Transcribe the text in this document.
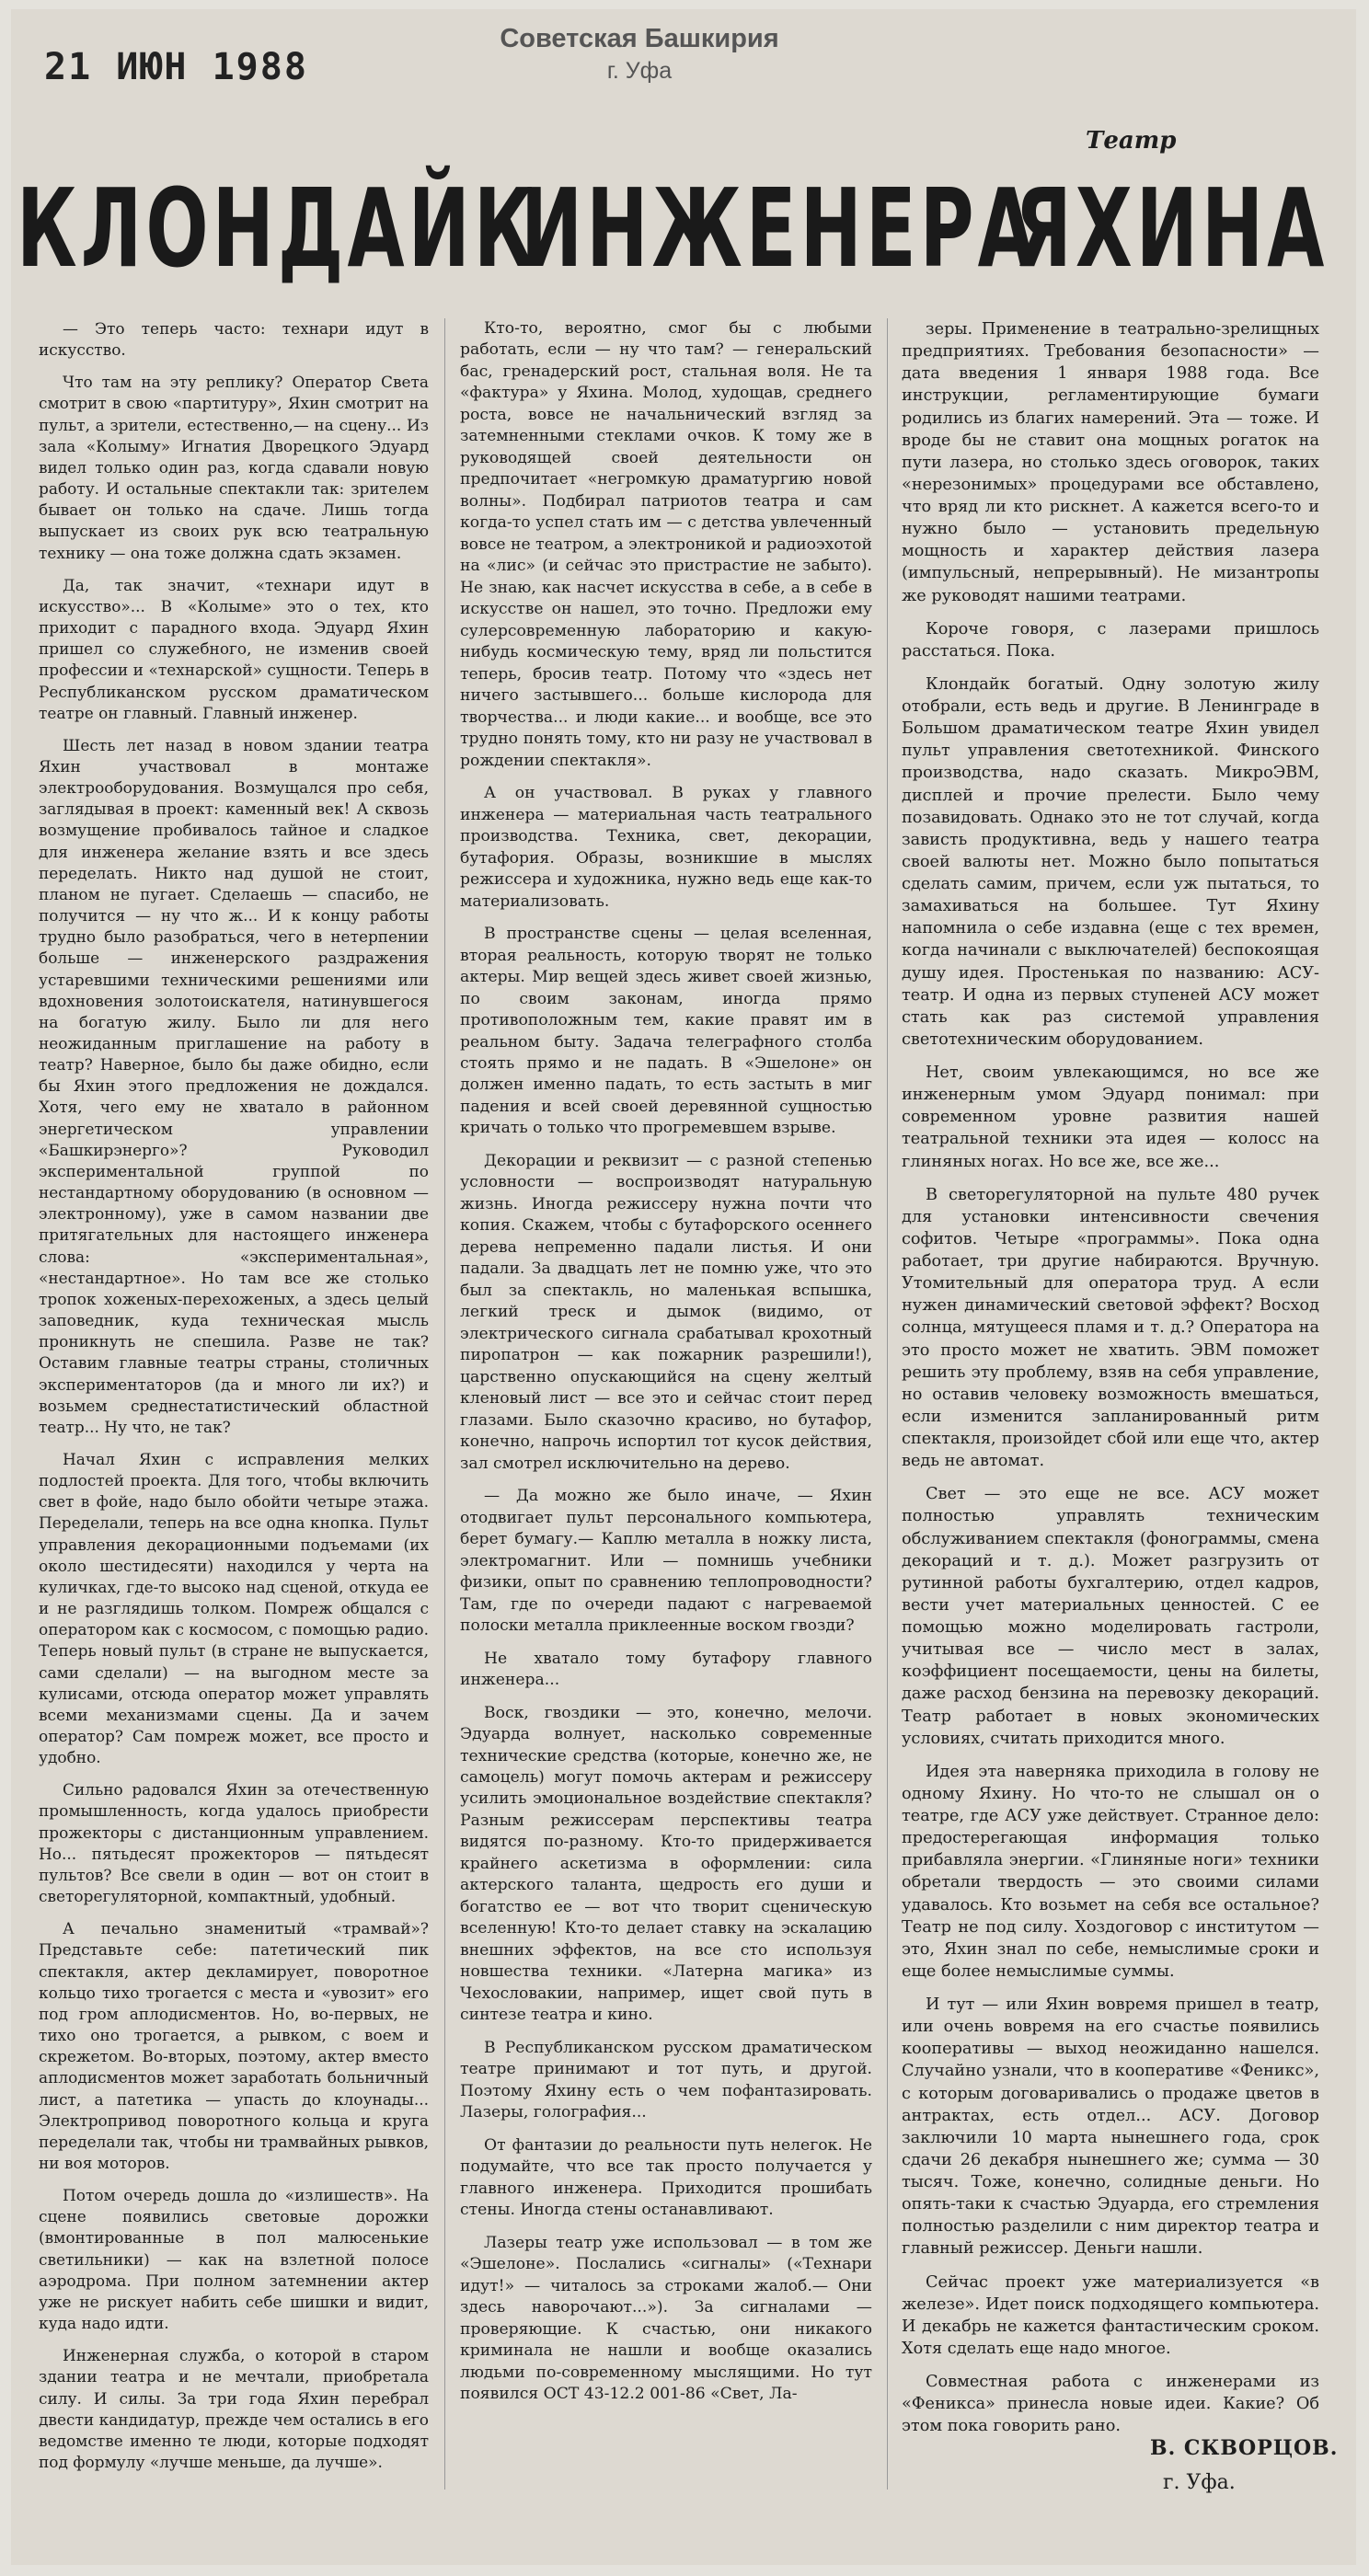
21 ИЮН 1988
Советская Башкирия
г. Уфа
Театр
КЛОНДАЙК
ИНЖЕНЕРА
ЯХИНА

— Это теперь часто: технари идут в искусство.

Что там на эту реплику? Оператор Света смотрит в свою «партитуру», Яхин смотрит на пульт, а зрители, естественно,— на сцену... Из зала «Колыму» Игнатия Дворецкого Эдуард видел только один раз, когда сдавали новую работу. И остальные спектакли так: зрителем бывает он только на сдаче. Лишь тогда выпускает из своих рук всю театральную технику — она тоже должна сдать экзамен.

Да, так значит, «технари идут в искусство»... В «Колыме» это о тех, кто приходит с парадного входа. Эдуард Яхин пришел со служебного, не изменив своей профессии и «технарской» сущности. Теперь в Республиканском русском драматическом театре он главный. Главный инженер.

Шесть лет назад в новом здании театра Яхин участвовал в монтаже электрооборудования. Возмущался про себя, заглядывая в проект: каменный век! А сквозь возмущение пробивалось тайное и сладкое для инженера желание взять и все здесь переделать. Никто над душой не стоит, планом не пугает. Сделаешь — спасибо, не получится — ну что ж... И к концу работы трудно было разобраться, чего в нетерпении больше — инженерского раздражения устаревшими техническими решениями или вдохновения золотоискателя, натинувшегося на богатую жилу. Было ли для него неожиданным приглашение на работу в театр? Наверное, было бы даже обидно, если бы Яхин этого предложения не дождался. Хотя, чего ему не хватало в районном энергетическом управлении «Башкирэнерго»? Руководил экспериментальной группой по нестандартному оборудованию (в основном — электронному), уже в самом названии две притягательных для настоящего инженера слова: «экспериментальная», «нестандартное». Но там все же столько тропок хоженых-перехоженых, а здесь целый заповедник, куда техническая мысль проникнуть не спешила. Разве не так? Оставим главные театры страны, столичных экспериментаторов (да и много ли их?) и возьмем среднестатистический областной театр... Ну что, не так?

Начал Яхин с исправления мелких подлостей проекта. Для того, чтобы включить свет в фойе, надо было обойти четыре этажа. Переделали, теперь на все одна кнопка. Пульт управления декорационными подъемами (их около шестидесяти) находился у черта на куличках, где-то высоко над сценой, откуда ее и не разглядишь толком. Помреж общался с оператором как с космосом, с помощью радио. Теперь новый пульт (в стране не выпускается, сами сделали) — на выгодном месте за кулисами, отсюда оператор может управлять всеми механизмами сцены. Да и зачем оператор? Сам помреж может, все просто и удобно.

Сильно радовался Яхин за отечественную промышленность, когда удалось приобрести прожекторы с дистанционным управлением. Но... пятьдесят прожекторов — пятьдесят пультов? Все свели в один — вот он стоит в светорегуляторной, компактный, удобный.

А печально знаменитый «трамвай»? Представьте себе: патетический пик спектакля, актер декламирует, поворотное кольцо тихо трогается с места и «увозит» его под гром аплодисментов. Но, во-первых, не тихо оно трогается, а рывком, с воем и скрежетом. Во-вторых, поэтому, актер вместо аплодисментов может заработать больничный лист, а патетика — упасть до клоунады... Электропривод поворотного кольца и круга переделали так, чтобы ни трамвайных рывков, ни воя моторов.

Потом очередь дошла до «излишеств». На сцене появились световые дорожки (вмонтированные в пол малюсенькие светильники) — как на взлетной полосе аэродрома. При полном затемнении актер уже не рискует набить себе шишки и видит, куда надо идти.

Инженерная служба, о которой в старом здании театра и не мечтали, приобретала силу. И силы. За три года Яхин перебрал двести кандидатур, прежде чем остались в его ведомстве именно те люди, которые подходят под формулу «лучше меньше, да лучше».

Кто-то, вероятно, смог бы с любыми работать, если — ну что там? — генеральский бас, гренадерский рост, стальная воля. Не та «фактура» у Яхина. Молод, худощав, среднего роста, вовсе не начальнический взгляд за затемненными стеклами очков. К тому же в руководящей своей деятельности он предпочитает «негромкую драматургию новой волны». Подбирал патриотов театра и сам когда-то успел стать им — с детства увлеченный вовсе не театром, а электроникой и радиоэхотой на «лис» (и сейчас это пристрастие не забыто). Не знаю, как насчет искусства в себе, а в себе в искусстве он нашел, это точно. Предложи ему сулерсовременную лабораторию и какую-нибудь космическую тему, вряд ли польстится теперь, бросив театр. Потому что «здесь нет ничего застывшего... больше кислорода для творчества... и люди какие... и вообще, все это трудно понять тому, кто ни разу не участвовал в рождении спектакля».

А он участвовал. В руках у главного инженера — материальная часть театрального производства. Техника, свет, декорации, бутафория. Образы, возникшие в мыслях режиссера и художника, нужно ведь еще как-то материализовать.

В пространстве сцены — целая вселенная, вторая реальность, которую творят не только актеры. Мир вещей здесь живет своей жизнью, по своим законам, иногда прямо противоположным тем, какие правят им в реальном быту. Задача телеграфного столба стоять прямо и не падать. В «Эшелоне» он должен именно падать, то есть застыть в миг падения и всей своей деревянной сущностью кричать о только что прогремевшем взрыве.

Декорации и реквизит — с разной степенью условности — воспроизводят натуральную жизнь. Иногда режиссеру нужна почти что копия. Скажем, чтобы с бутафорского осеннего дерева непременно падали листья. И они падали. За двадцать лет не помню уже, что это был за спектакль, но маленькая вспышка, легкий треск и дымок (видимо, от электрического сигнала срабатывал крохотный пиропатрон — как пожарник разрешили!), царственно опускающийся на сцену желтый кленовый лист — все это и сейчас стоит перед глазами. Было сказочно красиво, но бутафор, конечно, напрочь испортил тот кусок действия, зал смотрел исключительно на дерево.

— Да можно же было иначе, — Яхин отодвигает пульт персонального компьютера, берет бумагу.— Каплю металла в ножку листа, электромагнит. Или — помнишь учебники физики, опыт по сравнению теплопроводности? Там, где по очереди падают с нагреваемой полоски металла приклеенные воском гвозди?

Не хватало тому бутафору главного инженера...

Воск, гвоздики — это, конечно, мелочи. Эдуарда волнует, насколько современные технические средства (которые, конечно же, не самоцель) могут помочь актерам и режиссеру усилить эмоциональное воздействие спектакля? Разным режиссерам перспективы театра видятся по-разному. Кто-то придерживается крайнего аскетизма в оформлении: сила актерского таланта, щедрость его души и богатство ее — вот что творит сценическую вселенную! Кто-то делает ставку на эскалацию внешних эффектов, на все сто используя новшества техники. «Латерна магика» из Чехословакии, например, ищет свой путь в синтезе театра и кино.

В Республиканском русском драматическом театре принимают и тот путь, и другой. Поэтому Яхину есть о чем пофантазировать. Лазеры, голография...

От фантазии до реальности путь нелегок. Не подумайте, что все так просто получается у главного инженера. Приходится прошибать стены. Иногда стены останавливают.

Лазеры театр уже использовал — в том же «Эшелоне». Послались «сигналы» («Технари идут!» — читалось за строками жалоб.— Они здесь наворочают...»). За сигналами — проверяющие. К счастью, они никакого криминала не нашли и вообще оказались людьми по-современному мыслящими. Но тут появился ОСТ 43-12.2 001-86 «Свет, Ла-

зеры. Применение в театрально-зрелищных предприятиях. Требования безопасности» — дата введения 1 января 1988 года. Все инструкции, регламентирующие бумаги родились из благих намерений. Эта — тоже. И вроде бы не ставит она мощных рогаток на пути лазера, но столько здесь оговорок, таких «нерезонимых» процедурами все обставлено, что вряд ли кто рискнет. А кажется всего-то и нужно было — установить предельную мощность и характер действия лазера (импульсный, непрерывный). Не мизантропы же руководят нашими театрами.

Короче говоря, с лазерами пришлось расстаться. Пока.

Клондайк богатый. Одну золотую жилу отобрали, есть ведь и другие. В Ленинграде в Большом драматическом театре Яхин увидел пульт управления светотехникой. Финского производства, надо сказать. МикроЭВМ, дисплей и прочие прелести. Было чему позавидовать. Однако это не тот случай, когда зависть продуктивна, ведь у нашего театра своей валюты нет. Можно было попытаться сделать самим, причем, если уж пытаться, то замахиваться на большее. Тут Яхину напомнила о себе издавна (еще с тех времен, когда начинали с выключателей) беспокоящая душу идея. Простенькая по названию: АСУ-театр. И одна из первых ступеней АСУ может стать как раз системой управления светотехническим оборудованием.

Нет, своим увлекающимся, но все же инженерным умом Эдуард понимал: при современном уровне развития нашей театральной техники эта идея — колосс на глиняных ногах. Но все же, все же...

В светорегуляторной на пульте 480 ручек для установки интенсивности свечения софитов. Четыре «программы». Пока одна работает, три другие набираются. Вручную. Утомительный для оператора труд. А если нужен динамический световой эффект? Восход солнца, мятущееся пламя и т. д.? Оператора на это просто может не хватить. ЭВМ поможет решить эту проблему, взяв на себя управление, но оставив человеку возможность вмешаться, если изменится запланированный ритм спектакля, произойдет сбой или еще что, актер ведь не автомат.

Свет — это еще не все. АСУ может полностью управлять техническим обслуживанием спектакля (фонограммы, смена декораций и т. д.). Может разгрузить от рутинной работы бухгалтерию, отдел кадров, вести учет материальных ценностей. С ее помощью можно моделировать гастроли, учитывая все — число мест в залах, коэффициент посещаемости, цены на билеты, даже расход бензина на перевозку декораций. Театр работает в новых экономических условиях, считать приходится много.

Идея эта наверняка приходила в голову не одному Яхину. Но что-то не слышал он о театре, где АСУ уже действует. Странное дело: предостерегающая информация только прибавляла энергии. «Глиняные ноги» техники обретали твердость — это своими силами удавалось. Кто возьмет на себя все остальное? Театр не под силу. Хоздоговор с институтом — это, Яхин знал по себе, немыслимые сроки и еще более немыслимые суммы.

И тут — или Яхин вовремя пришел в театр, или очень вовремя на его счастье появились кооперативы — выход неожиданно нашелся. Случайно узнали, что в кооперативе «Феникс», с которым договаривались о продаже цветов в антрактах, есть отдел... АСУ. Договор заключили 10 марта нынешнего года, срок сдачи 26 декабря нынешнего же; сумма — 30 тысяч. Тоже, конечно, солидные деньги. Но опять-таки к счастью Эдуарда, его стремления полностью разделили с ним директор театра и главный режиссер. Деньги нашли.

Сейчас проект уже материализуется «в железе». Идет поиск подходящего компьютера. И декабрь не кажется фантастическим сроком. Хотя сделать еще надо многое.

Совместная работа с инженерами из «Феникса» принесла новые идеи. Какие? Об этом пока говорить рано.

В. СКВОРЦОВ.
г. Уфа.
